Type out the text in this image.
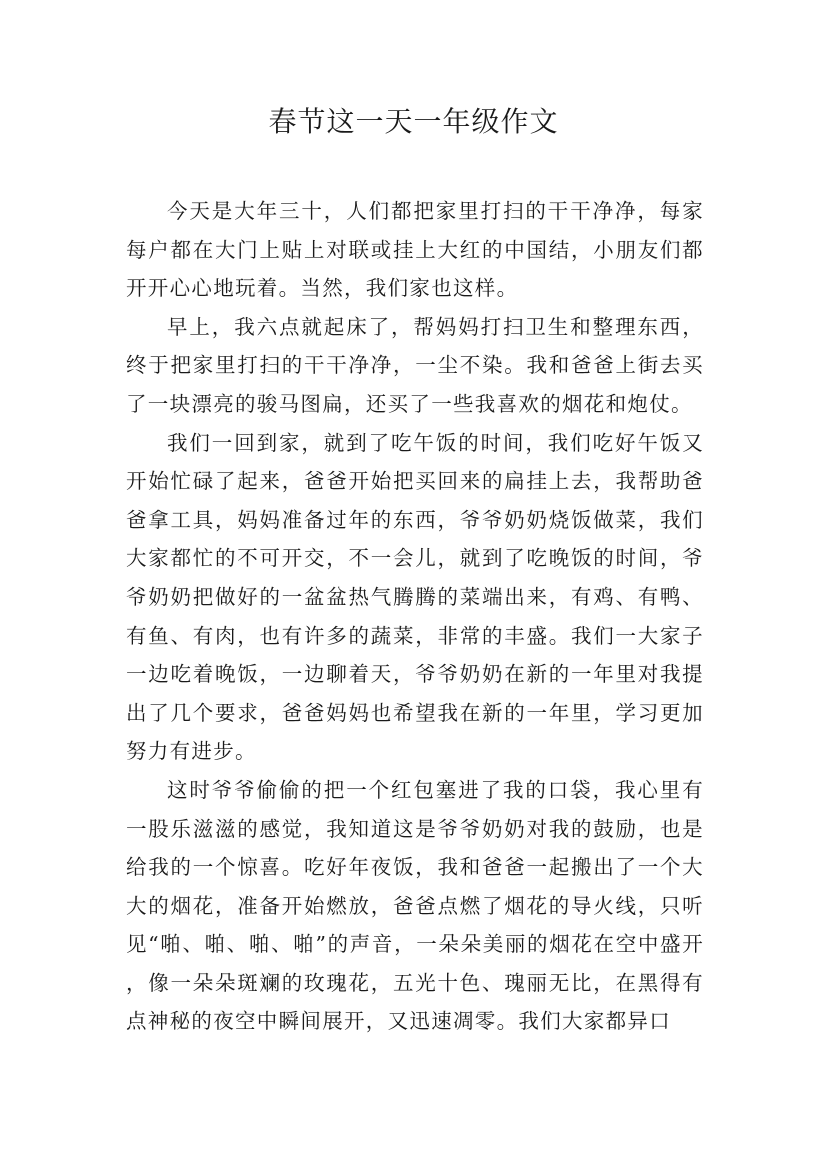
春节这一天一年级作文

今天是大年三十，人们都把家里打扫的干干净净，每家每户都在大门上贴上对联或挂上大红的中国结，小朋友们都开开心心地玩着。当然，我们家也这样。

早上，我六点就起床了，帮妈妈打扫卫生和整理东西，终于把家里打扫的干干净净，一尘不染。我和爸爸上街去买了一块漂亮的骏马图扁，还买了一些我喜欢的烟花和炮仗。

我们一回到家，就到了吃午饭的时间，我们吃好午饭又开始忙碌了起来，爸爸开始把买回来的扁挂上去，我帮助爸爸拿工具，妈妈准备过年的东西，爷爷奶奶烧饭做菜，我们大家都忙的不可开交，不一会儿，就到了吃晚饭的时间，爷爷奶奶把做好的一盆盆热气腾腾的菜端出来，有鸡、有鸭、有鱼、有肉，也有许多的蔬菜，非常的丰盛。我们一大家子一边吃着晚饭，一边聊着天，爷爷奶奶在新的一年里对我提出了几个要求，爸爸妈妈也希望我在新的一年里，学习更加努力有进步。

这时爷爷偷偷的把一个红包塞进了我的口袋，我心里有一股乐滋滋的感觉，我知道这是爷爷奶奶对我的鼓励，也是给我的一个惊喜。吃好年夜饭，我和爸爸一起搬出了一个大大的烟花，准备开始燃放，爸爸点燃了烟花的导火线，只听见“啪、啪、啪、啪”的声音，一朵朵美丽的烟花在空中盛开，像一朵朵斑斓的玫瑰花，五光十色、瑰丽无比，在黑得有点神秘的夜空中瞬间展开，又迅速凋零。我们大家都异口
